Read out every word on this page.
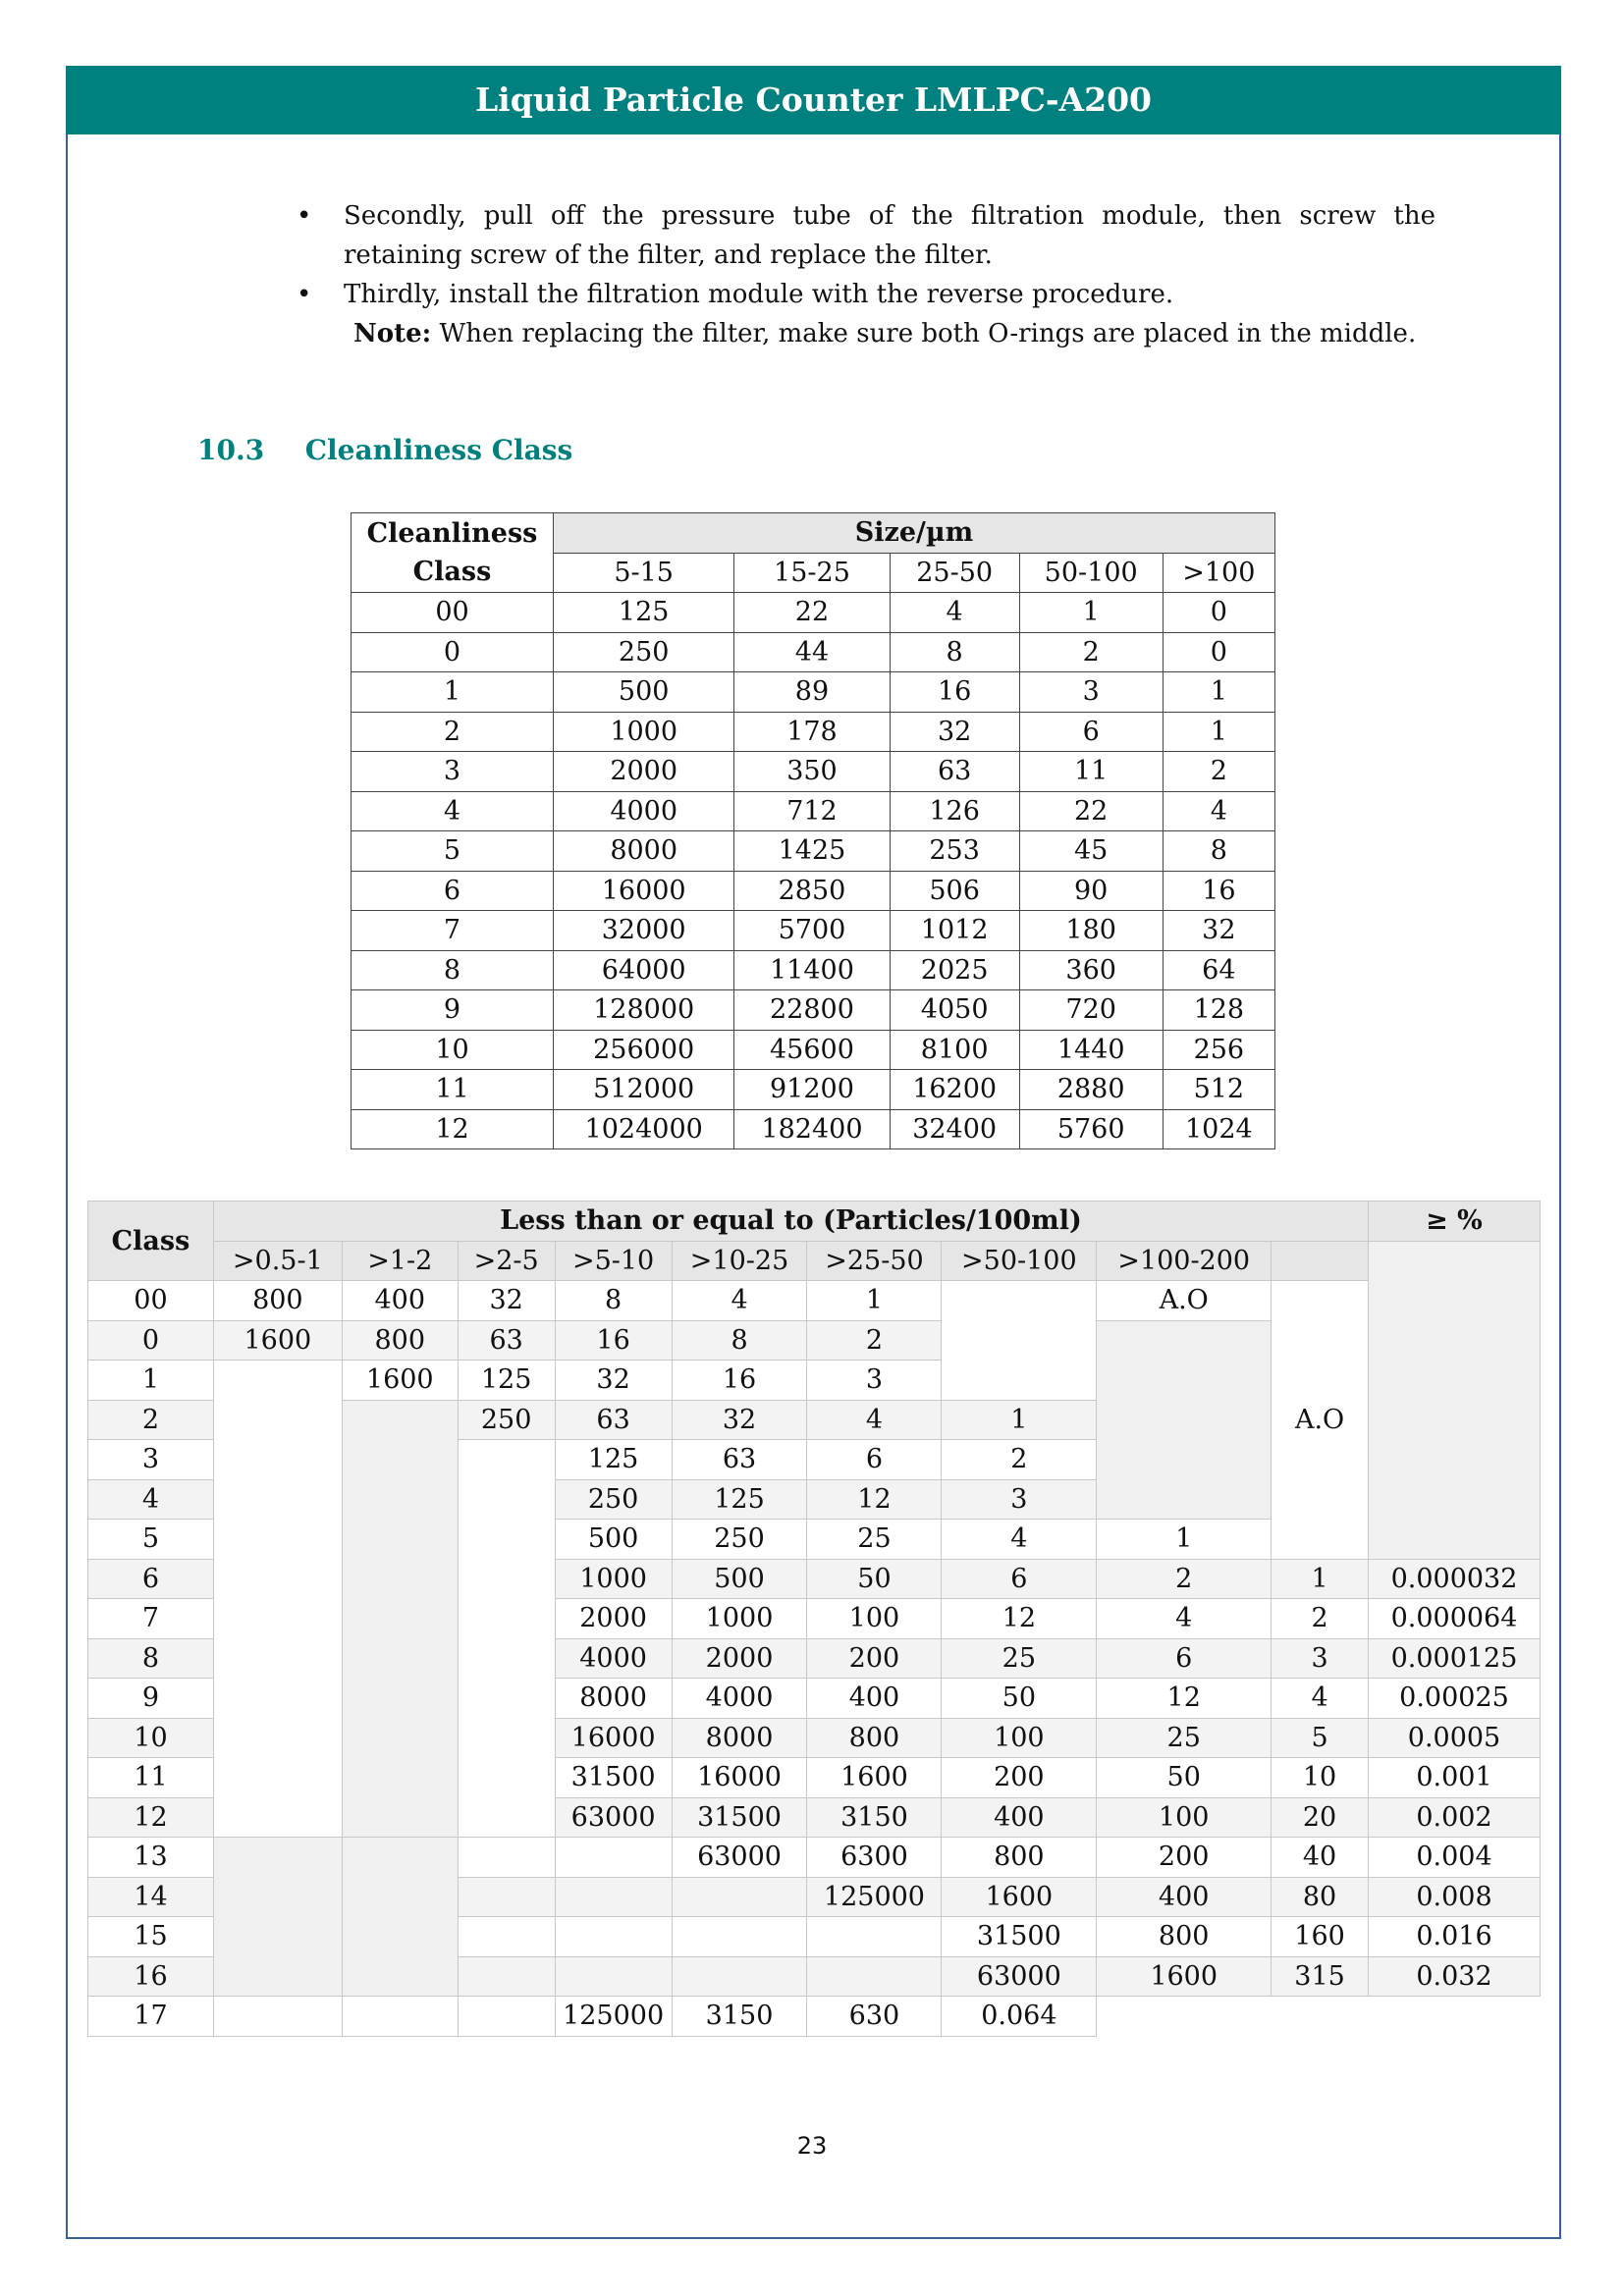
Liquid Particle Counter LMLPC-A200
• Secondly, pull off the pressure tube of the filtration module, then screw the retaining screw of the filter, and replace the filter.
• Thirdly, install the filtration module with the reverse procedure.
Note: When replacing the filter, make sure both O-rings are placed in the middle.
10.3 Cleanliness Class
Cleanliness Class	Size/µm				
	5-15	15-25	25-50	50-100	>100
00	125	22	4	1	0
0	250	44	8	2	0
1	500	89	16	3	1
2	1000	178	32	6	1
3	2000	350	63	11	2
4	4000	712	126	22	4
5	8000	1425	253	45	8
6	16000	2850	506	90	16
7	32000	5700	1012	180	32
8	64000	11400	2025	360	64
9	128000	22800	4050	720	128
10	256000	45600	8100	1440	256
11	512000	91200	16200	2880	512
12	1024000	182400	32400	5760	1024
Class	Less than or equal to (Particles/100ml)									≥ %
	>0.5-1	>1-2	>2-5	>5-10	>10-25	>25-50	>50-100	>100-200		
00	800	400	32	8	4	1		A.O	A.O	
0	1600	800	63	16	8	2				
1		1600	125	32	16	3				
2			250	63	32	4	1			
3				125	63	6	2			
4				250	125	12	3			
5				500	250	25	4	1		
6				1000	500	50	6	2	1	0.000032
7				2000	1000	100	12	4	2	0.000064
8				4000	2000	200	25	6	3	0.000125
9				8000	4000	400	50	12	4	0.00025
10				16000	8000	800	100	25	5	0.0005
11				31500	16000	1600	200	50	10	0.001
12				63000	31500	3150	400	100	20	0.002
13					63000	6300	800	200	40	0.004
14						125000	1600	400	80	0.008
15							31500	800	160	0.016
16							63000	1600	315	0.032
17				125000	3150	630	0.064			
23
